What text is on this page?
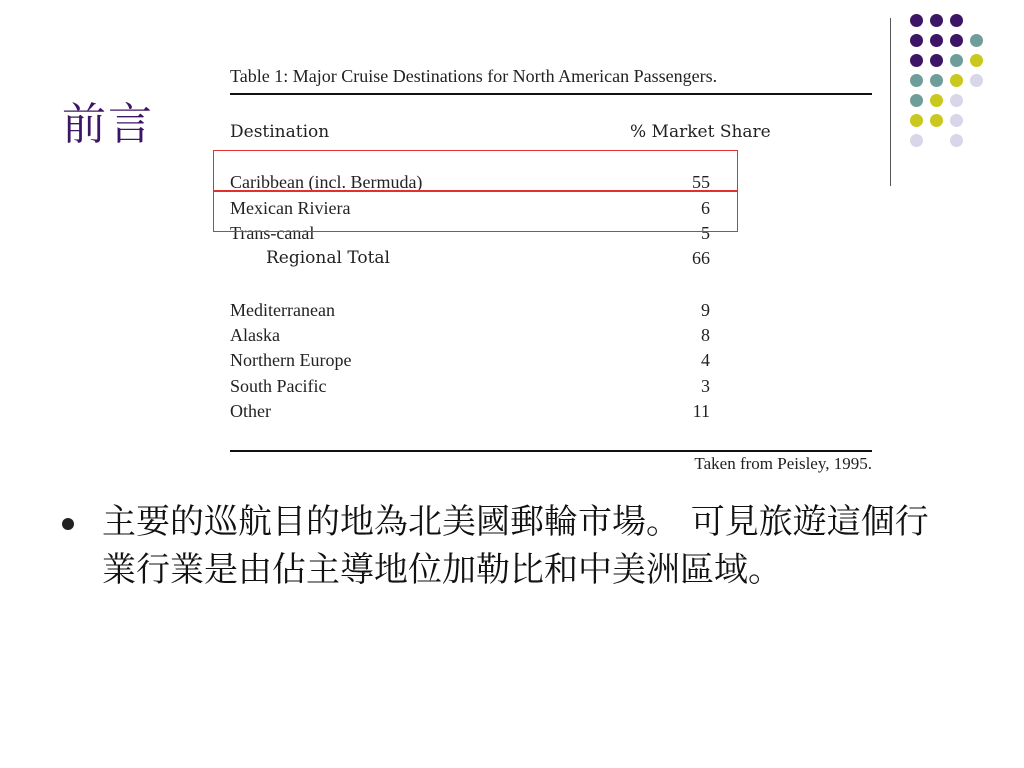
前言
Table 1: Major Cruise Destinations for North American Passengers.
Destination	% Market Share
Caribbean (incl. Bermuda)	55
Mexican Riviera	6
Trans-canal	5
Regional Total	66
Mediterranean	9
Alaska	8
Northern Europe	4
South Pacific	3
Other	11
Taken from Peisley, 1995.
主要的巡航目的地為北美國郵輪市場。 可見旅遊這個行業行業是由佔主導地位加勒比和中美洲區域。
